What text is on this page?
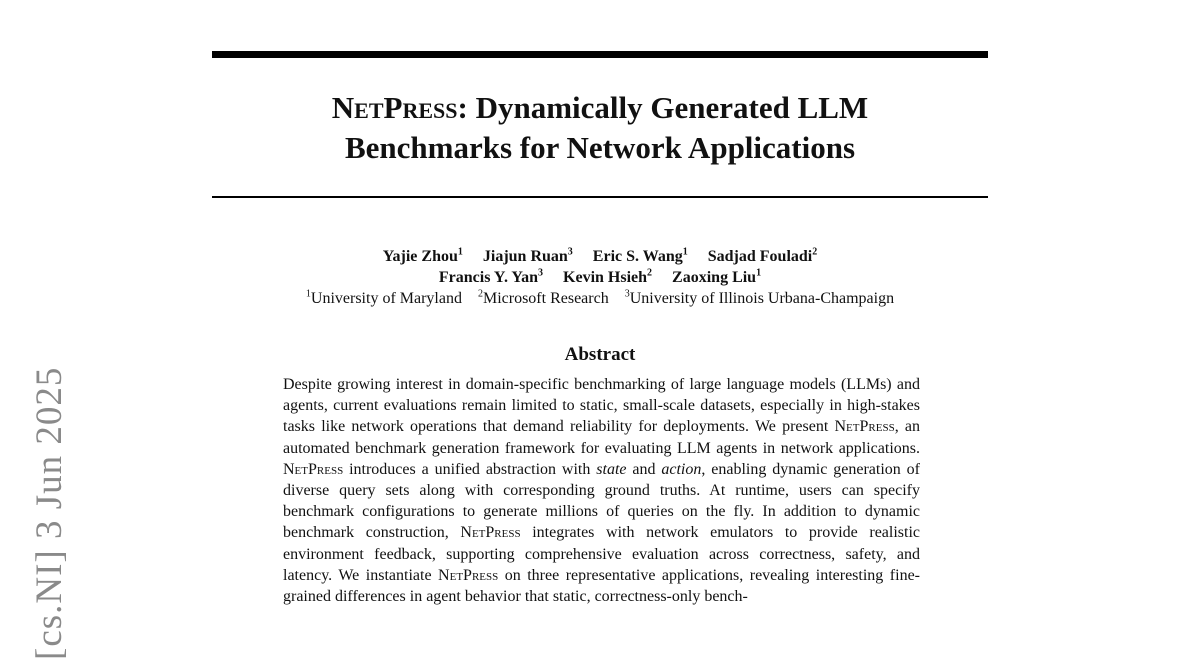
NetPress: Dynamically Generated LLM
Benchmarks for Network Applications
Yajie Zhou$^1$ Jiajun Ruan$^3$ Eric S. Wang$^1$ Sadjad Fouladi$^2$
Francis Y. Yan$^3$ Kevin Hsieh$^2$ Zaoxing Liu$^1$
$^1$University of Maryland $^2$Microsoft Research $^3$University of Illinois Urbana-Champaign
Abstract

Despite growing interest in domain-specific benchmarking of large language models (LLMs) and agents, current evaluations remain limited to static, small-scale datasets, especially in high-stakes tasks like network operations that demand reliability for deployments. We present NetPress, an automated benchmark generation framework for evaluating LLM agents in network applications. NetPress introduces a unified abstraction with state and action, enabling dynamic generation of diverse query sets along with corresponding ground truths. At runtime, users can specify benchmark configurations to generate millions of queries on the fly. In addition to dynamic benchmark construction, NetPress integrates with network emulators to provide realistic environment feedback, supporting comprehensive evaluation across correctness, safety, and latency. We instantiate NetPress on three representative applications, revealing interesting fine-grained differences in agent behavior that static, correctness-only bench-

[cs.NI] 3 Jun 2025
